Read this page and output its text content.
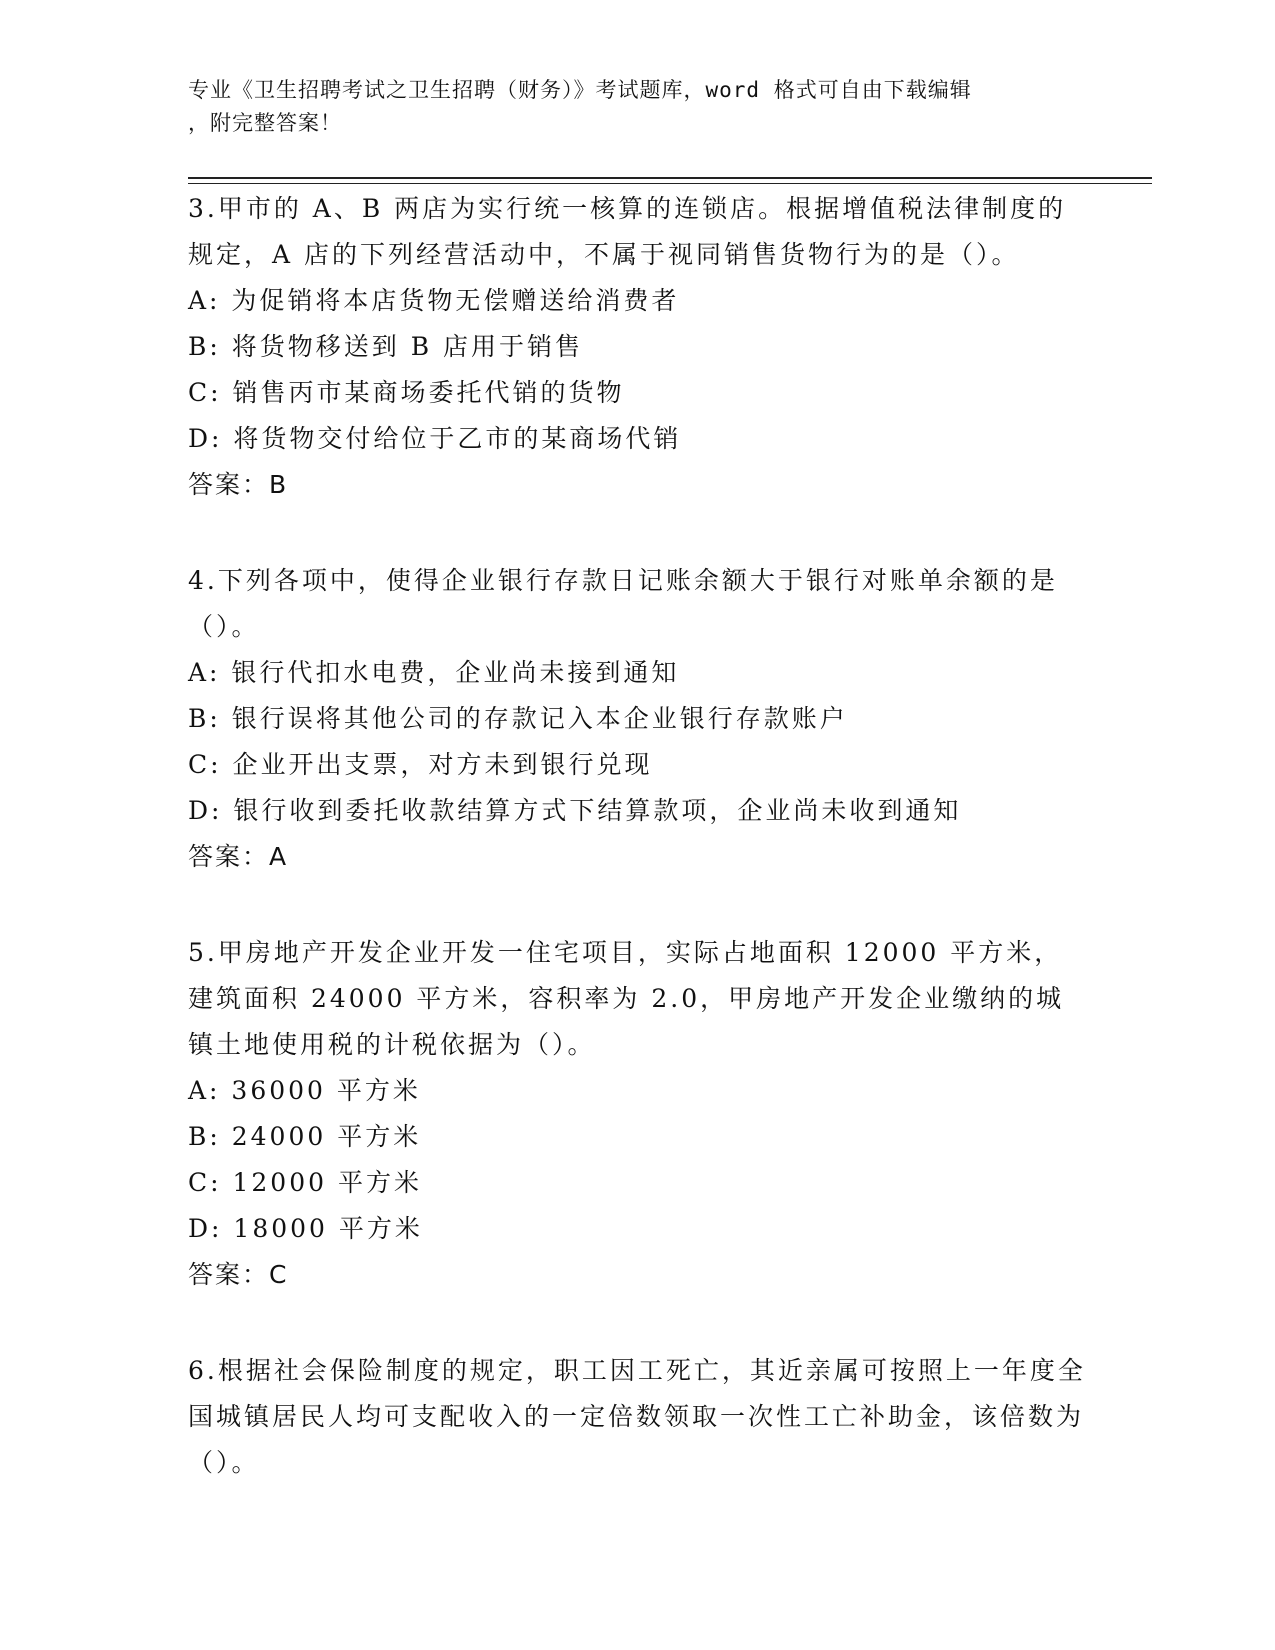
专业《卫生招聘考试之卫生招聘（财务）》考试题库，word 格式可自由下载编辑
，附完整答案！
3.甲市的 A、B 两店为实行统一核算的连锁店。根据增值税法律制度的规定，A 店的下列经营活动中，不属于视同销售货物行为的是（）。
A: 为促销将本店货物无偿赠送给消费者
B: 将货物移送到 B 店用于销售
C: 销售丙市某商场委托代销的货物
D: 将货物交付给位于乙市的某商场代销
答案：B
4.下列各项中，使得企业银行存款日记账余额大于银行对账单余额的是（）。
A: 银行代扣水电费，企业尚未接到通知
B: 银行误将其他公司的存款记入本企业银行存款账户
C: 企业开出支票，对方未到银行兑现
D: 银行收到委托收款结算方式下结算款项，企业尚未收到通知
答案：A
5.甲房地产开发企业开发一住宅项目，实际占地面积 12000 平方米，建筑面积 24000 平方米，容积率为 2.0，甲房地产开发企业缴纳的城镇土地使用税的计税依据为（）。
A: 36000 平方米
B: 24000 平方米
C: 12000 平方米
D: 18000 平方米
答案：C
6.根据社会保险制度的规定，职工因工死亡，其近亲属可按照上一年度全国城镇居民人均可支配收入的一定倍数领取一次性工亡补助金，该倍数为（）。
